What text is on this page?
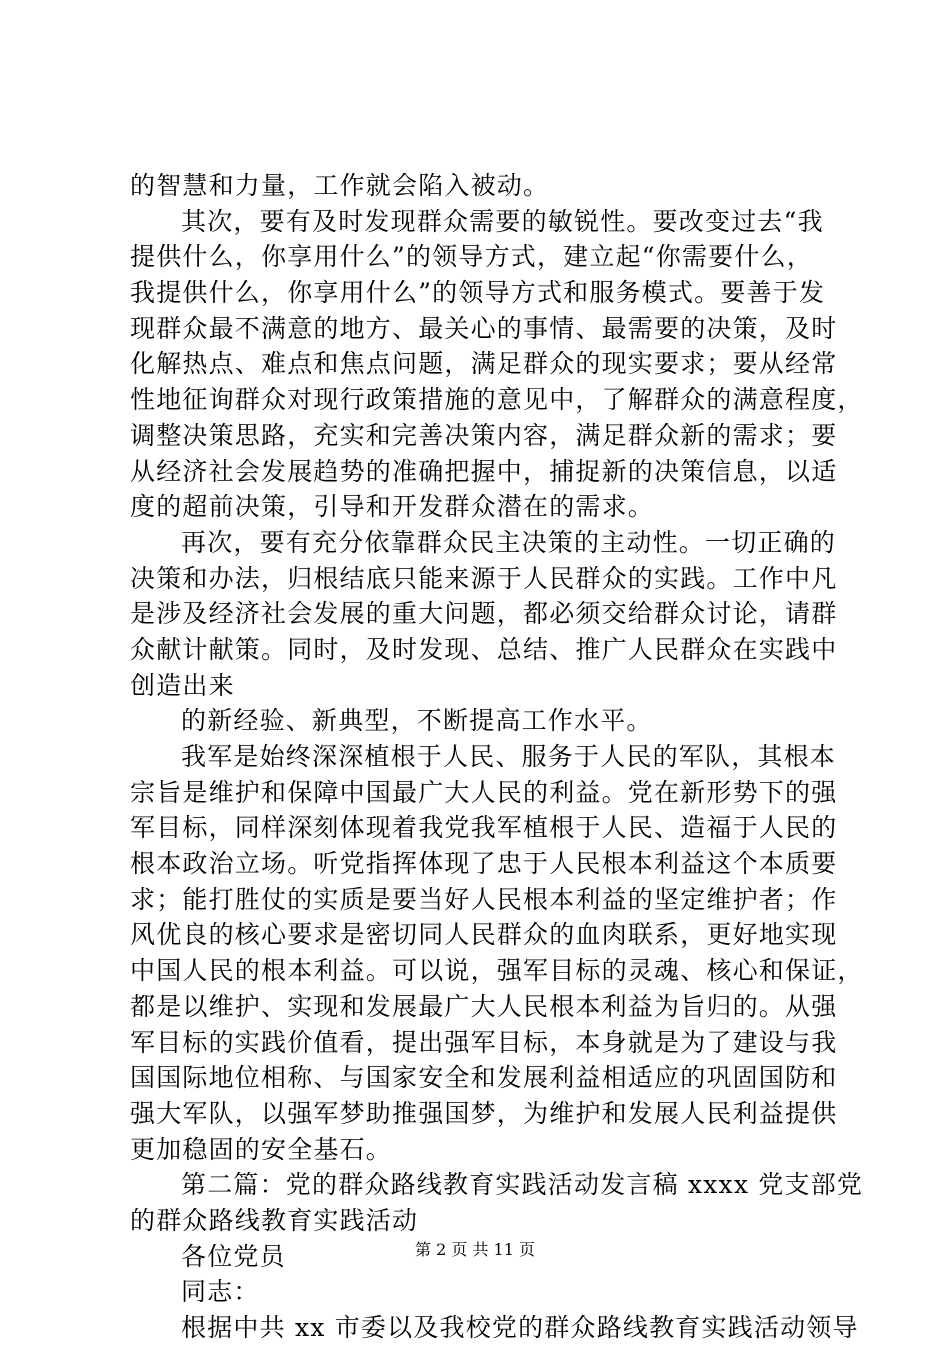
的智慧和力量，工作就会陷入被动。
其次，要有及时发现群众需要的敏锐性。要改变过去“我
提供什么，你享用什么”的领导方式，建立起“你需要什么，
我提供什么，你享用什么”的领导方式和服务模式。要善于发
现群众最不满意的地方、最关心的事情、最需要的决策，及时
化解热点、难点和焦点问题，满足群众的现实要求；要从经常
性地征询群众对现行政策措施的意见中，了解群众的满意程度，
调整决策思路，充实和完善决策内容，满足群众新的需求；要
从经济社会发展趋势的准确把握中，捕捉新的决策信息，以适
度的超前决策，引导和开发群众潜在的需求。
再次，要有充分依靠群众民主决策的主动性。一切正确的
决策和办法，归根结底只能来源于人民群众的实践。工作中凡
是涉及经济社会发展的重大问题，都必须交给群众讨论，请群
众献计献策。同时，及时发现、总结、推广人民群众在实践中
创造出来
的新经验、新典型，不断提高工作水平。
我军是始终深深植根于人民、服务于人民的军队，其根本
宗旨是维护和保障中国最广大人民的利益。党在新形势下的强
军目标，同样深刻体现着我党我军植根于人民、造福于人民的
根本政治立场。听党指挥体现了忠于人民根本利益这个本质要
求；能打胜仗的实质是要当好人民根本利益的坚定维护者；作
风优良的核心要求是密切同人民群众的血肉联系，更好地实现
中国人民的根本利益。可以说，强军目标的灵魂、核心和保证，
都是以维护、实现和发展最广大人民根本利益为旨归的。从强
军目标的实践价值看，提出强军目标，本身就是为了建设与我
国国际地位相称、与国家安全和发展利益相适应的巩固国防和
强大军队，以强军梦助推强国梦，为维护和发展人民利益提供
更加稳固的安全基石。
第二篇：党的群众路线教育实践活动发言稿 xxxx 党支部党
的群众路线教育实践活动
各位党员
同志：
根据中共 xx 市委以及我校党的群众路线教育实践活动领导
第 2 页 共 11 页
